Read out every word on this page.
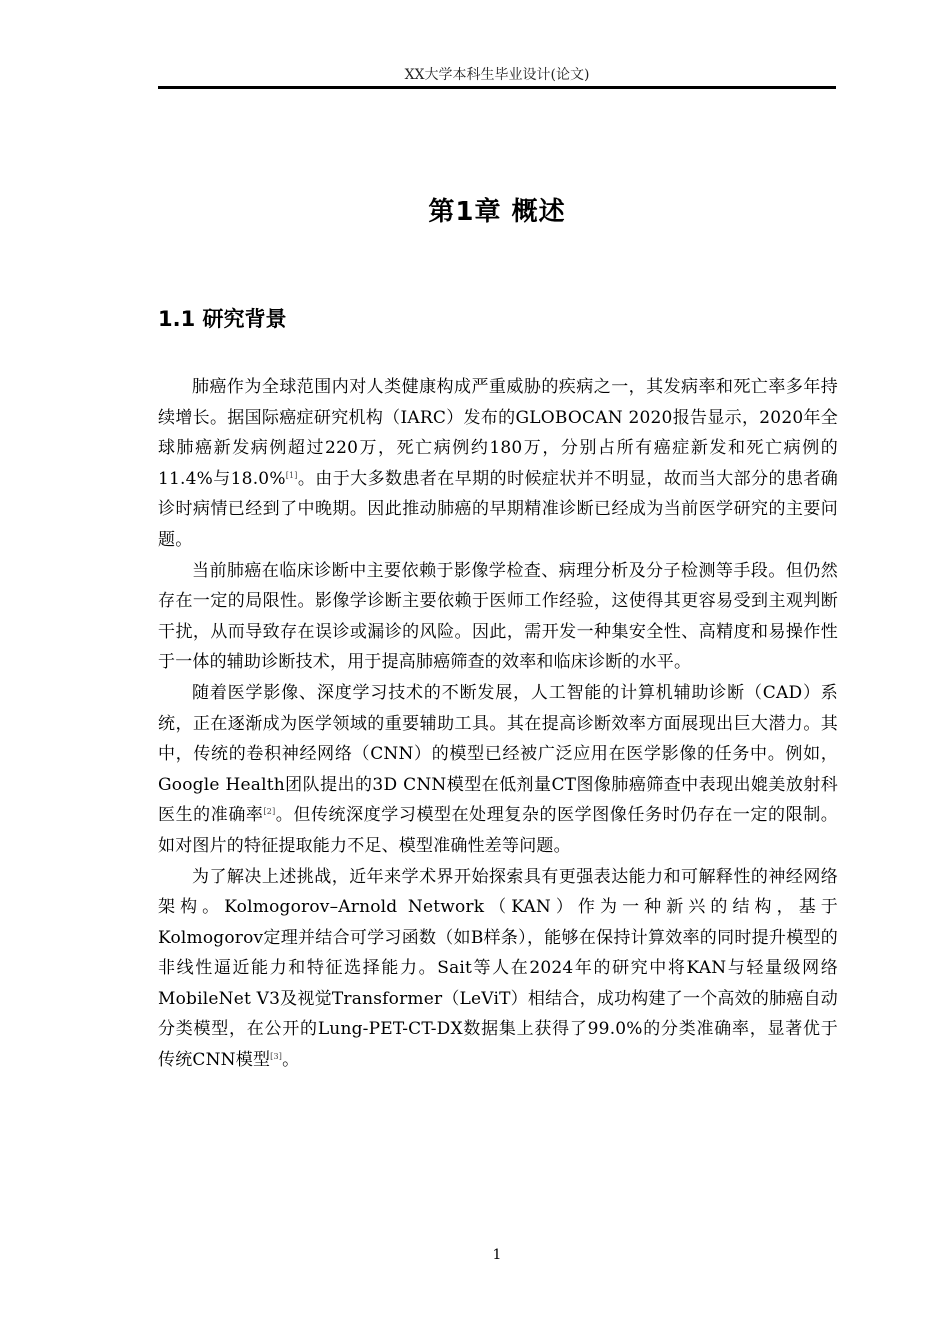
XX大学本科生毕业设计(论文)
第1章 概述
1.1 研究背景

肺癌作为全球范围内对人类健康构成严重威胁的疾病之一，其发病率和死亡率多年持续增长。据国际癌症研究机构（IARC）发布的GLOBOCAN 2020报告显示，2020年全球肺癌新发病例超过220万，死亡病例约180万，分别占所有癌症新发和死亡病例的11.4%与18.0%[1]。由于大多数患者在早期的时候症状并不明显，故而当大部分的患者确诊时病情已经到了中晚期。因此推动肺癌的早期精准诊断已经成为当前医学研究的主要问题。

当前肺癌在临床诊断中主要依赖于影像学检查、病理分析及分子检测等手段。但仍然存在一定的局限性。影像学诊断主要依赖于医师工作经验，这使得其更容易受到主观判断干扰，从而导致存在误诊或漏诊的风险。因此，需开发一种集安全性、高精度和易操作性于一体的辅助诊断技术，用于提高肺癌筛查的效率和临床诊断的水平。

随着医学影像、深度学习技术的不断发展，人工智能的计算机辅助诊断（CAD）系统，正在逐渐成为医学领域的重要辅助工具。其在提高诊断效率方面展现出巨大潜力。其中，传统的卷积神经网络（CNN）的模型已经被广泛应用在医学影像的任务中。例如，Google Health团队提出的3D CNN模型在低剂量CT图像肺癌筛查中表现出媲美放射科医生的准确率[2]。但传统深度学习模型在处理复杂的医学图像任务时仍存在一定的限制。如对图片的特征提取能力不足、模型准确性差等问题。

为了解决上述挑战，近年来学术界开始探索具有更强表达能力和可解释性的神经网络架构。Kolmogorov–Arnold Network（KAN）作为一种新兴的结构，基于Kolmogorov定理并结合可学习函数（如B样条），能够在保持计算效率的同时提升模型的非线性逼近能力和特征选择能力。Sait等人在2024年的研究中将KAN与轻量级网络MobileNet V3及视觉Transformer（LeViT）相结合，成功构建了一个高效的肺癌自动分类模型，在公开的Lung-PET-CT-DX数据集上获得了99.0%的分类准确率，显著优于传统CNN模型[3]。

1
